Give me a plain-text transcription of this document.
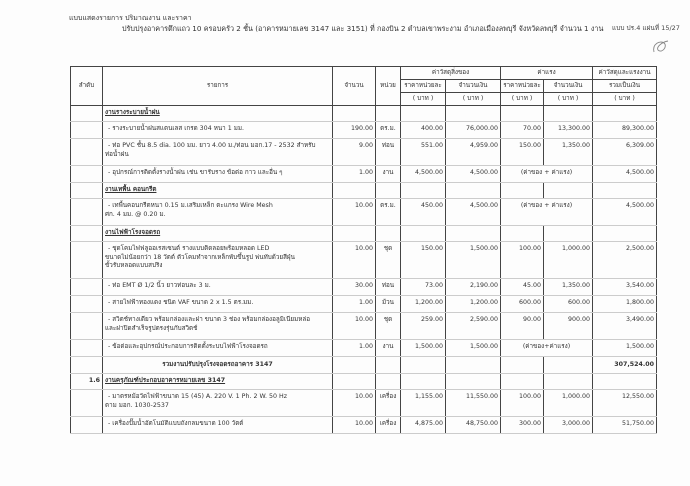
แบบแสดงรายการ ปริมาณงาน และราคา
ปรับปรุงอาคารตึกแถว 10 ครอบครัว 2 ชั้น (อาคารหมายเลข 3147 และ 3151) ที่ กองบิน 2 ตำบลเขาพระงาม อำเภอเมืองลพบุรี จังหวัดลพบุรี จำนวน 1 งาน แบบ ปร.4 แผ่นที่ 15/27
ลำดับ	รายการ	จำนวน	หน่วย	ค่าวัสดุสิ่งของ		ค่าแรง		ค่าวัสดุและแรงงาน
				ราคาหน่วยละ	จำนวนเงิน	ราคาหน่วยละ	จำนวนเงิน	รวมเป็นเงิน
				( บาท )	( บาท )	( บาท )	( บาท )	( บาท )
	งานรางระบายน้ำฝน							

	- รางระบายน้ำฝนสแตนเลส เกรด 304 หนา 1 มม.	190.00	ตร.ม.	400.00	76,000.00	70.00	13,300.00	89,300.00

	- ท่อ PVC ชั้น 8.5 dia. 100 มม. ยาว 4.00 ม./ท่อน มอก.17 - 2532 สำหรับ
ท่อน้ำฝน	9.00	ท่อน	551.00	4,959.00	150.00	1,350.00	6,309.00

	- อุปกรณ์การติดตั้งรางน้ำฝน เช่น ขารับราง ข้อต่อ กาว และอื่น ๆ	1.00	งาน	4,500.00	4,500.00	(ค่าของ + ค่าแรง)		4,500.00
	งานเทพื้น คอนกรีต							

	- เทพื้นคอนกรีตหนา 0.15 ม.เสริมเหล็ก ตะแกรง Wire Mesh
ศก. 4 มม. @ 0.20 ม.	10.00	ตร.ม.	450.00	4,500.00	(ค่าของ + ค่าแรง)		4,500.00
	งานไฟฟ้าโรงจอดรถ							

	- ชุดโคมไฟฟลูออเรสเซนต์ รางแบบติดลอยพร้อมหลอด LED
ขนาดไม่น้อยกว่า 18 วัตต์ ตัวโคมทำจากเหล็กพับขึ้นรูป พ่นทับด้วยสีฝุ่น
ขั้วรับหลอดแบบสปริง	10.00	ชุด	150.00	1,500.00	100.00	1,000.00	2,500.00

	- ท่อ EMT Ø 1/2 นิ้ว ยาวท่อนละ 3 ม.	30.00	ท่อน	73.00	2,190.00	45.00	1,350.00	3,540.00

	- สายไฟฟ้าทองแดง ชนิด VAF ขนาด 2 x 1.5 ตร.มม.	1.00	ม้วน	1,200.00	1,200.00	600.00	600.00	1,800.00

	- สวิตช์ทางเดียว พร้อมกล่องและฝา ขนาด 3 ช่อง พร้อมกล่องอลูมิเนียมหล่อ
และฝาปิดสำเร็จรูปตรงรุ่นกับสวิตช์	10.00	ชุด	259.00	2,590.00	90.00	900.00	3,490.00

	- ข้อต่อและอุปกรณ์ประกอบการติดตั้งระบบไฟฟ้าโรงจอดรถ	1.00	งาน	1,500.00	1,500.00	(ค่าของ+ค่าแรง)		1,500.00
	รวมงานปรับปรุงโรงจอดรถอาคาร 3147							307,524.00
1.6	งานครุภัณฑ์ประกอบอาคารหมายเลข 3147							

	- มาตรหม้อวัดไฟฟ้าขนาด 15 (45) A. 220 V. 1 Ph. 2 W. 50 Hz
ตาม มอก. 1030-2537	10.00	เครื่อง	1,155.00	11,550.00	100.00	1,000.00	12,550.00

	- เครื่องปั๊มน้ำอัตโนมัติแบบถังกลมขนาด 100 วัตต์	10.00	เครื่อง	4,875.00	48,750.00	300.00	3,000.00	51,750.00
